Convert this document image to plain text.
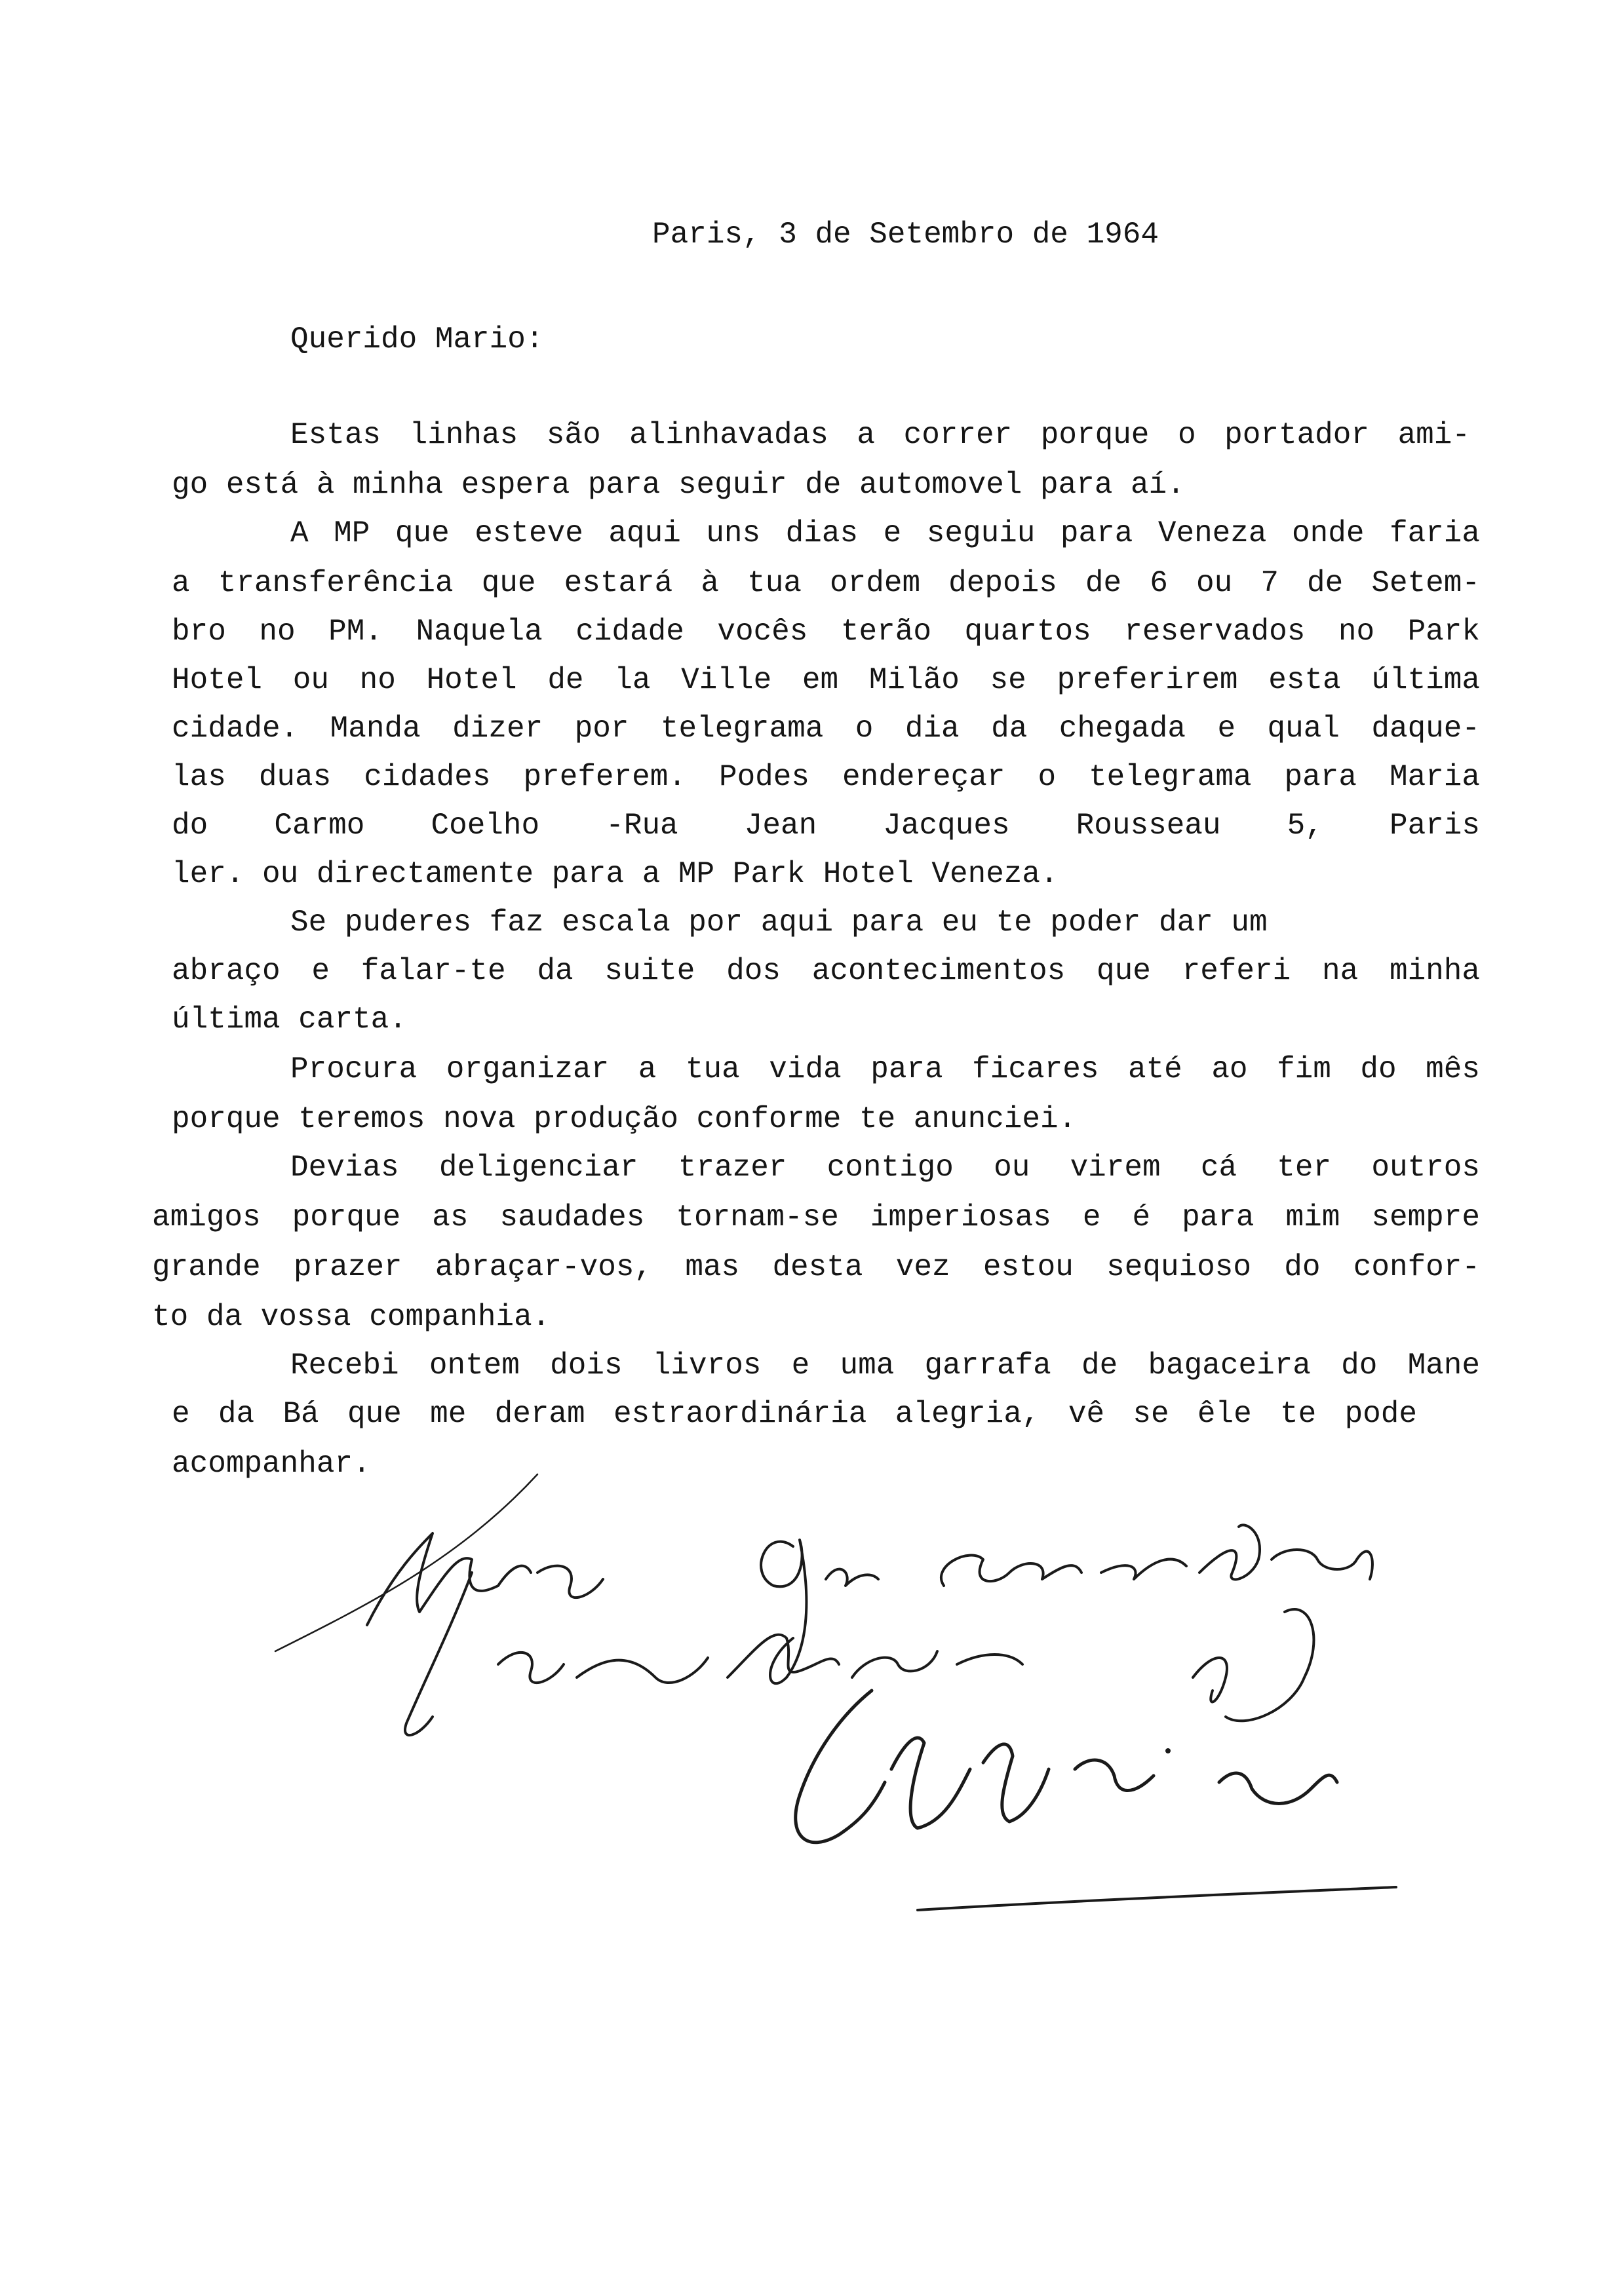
Paris, 3 de Setembro de 1964
Querido Mario:
Estas linhas são alinhavadas a correr porque o portador ami-
go está à minha espera para seguir de automovel para aí.
A MP que esteve aqui uns dias e seguiu para Veneza onde faria
a transferência que estará à tua ordem depois de 6 ou 7 de Setem-
bro no PM. Naquela cidade vocês terão quartos reservados no Park
Hotel ou no Hotel de la Ville em Milão se preferirem esta última
cidade. Manda dizer por telegrama o dia da chegada e qual daque-
las duas cidades preferem. Podes endereçar o telegrama para Maria
do Carmo Coelho -Rua Jean Jacques Rousseau 5, Paris
ler. ou directamente para a MP Park Hotel Veneza.
Se puderes faz escala por aqui para eu te poder dar um
abraço e falar-te da suite dos acontecimentos que referi na minha
última carta.
Procura organizar a tua vida para ficares até ao fim do mês
porque teremos nova produção conforme te anunciei.
Devias deligenciar trazer contigo ou virem cá ter outros
amigos porque as saudades tornam-se imperiosas e é para mim sempre
grande prazer abraçar-vos, mas desta vez estou sequioso do confor-
to da vossa companhia.
Recebi ontem dois livros e uma garrafa de bagaceira do Mane
e da Bá que me deram estraordinária alegria, vê se êle te pode
acompanhar.
